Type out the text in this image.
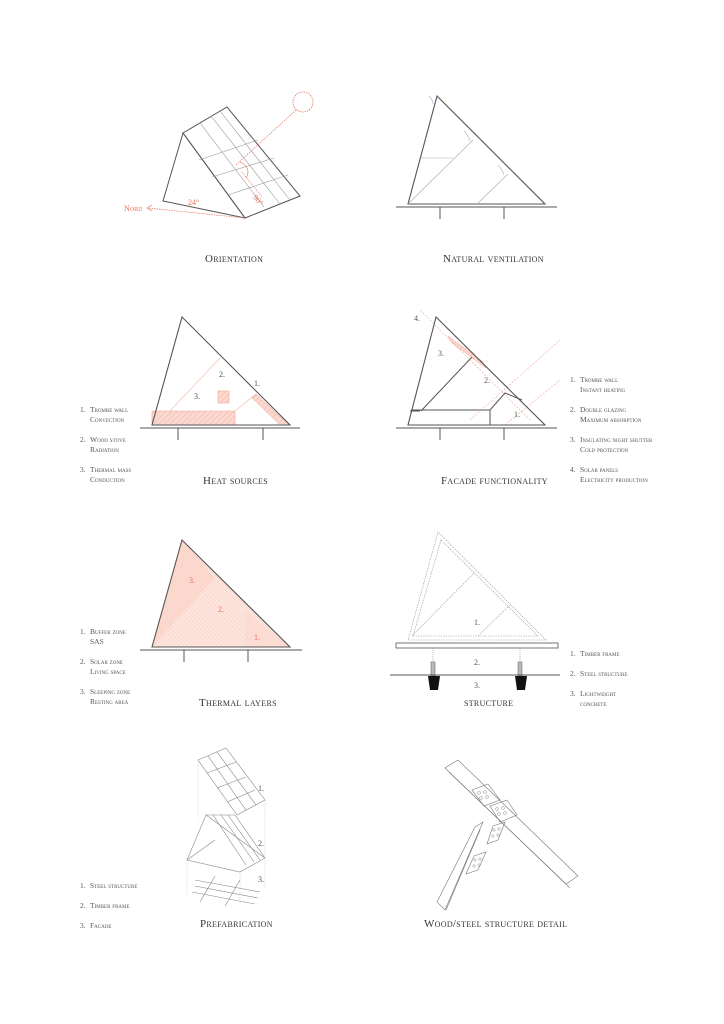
Nord
24°	90°
1.
2.
3.
1.
2.
3.
4.
1.
2.
3.
1.
2.
3.
1.
2.
3.
Orientation	Natural ventilation
Heat sources	Facade functionality
Thermal layers	structure
Prefabrication	Wood/steel structure detail
1. Trombe wall
Convection
2. Wood stove
Radiation
3. Thermal mass
Conduction
1. Trombe wall
Instant heating
2. Double glazing
Maximum absorption
3. Insulating night shutter
Cold protection
4. Solar panels
Electricity production
1. Buffer zone
SAS
2. Solar zone
Living space
3. Sleeping zone
Resting area
1. Timber frame
2. Steel structure
3. Lightweight
concrete
1. Steel structure
2. Timber frame
3. Facade
